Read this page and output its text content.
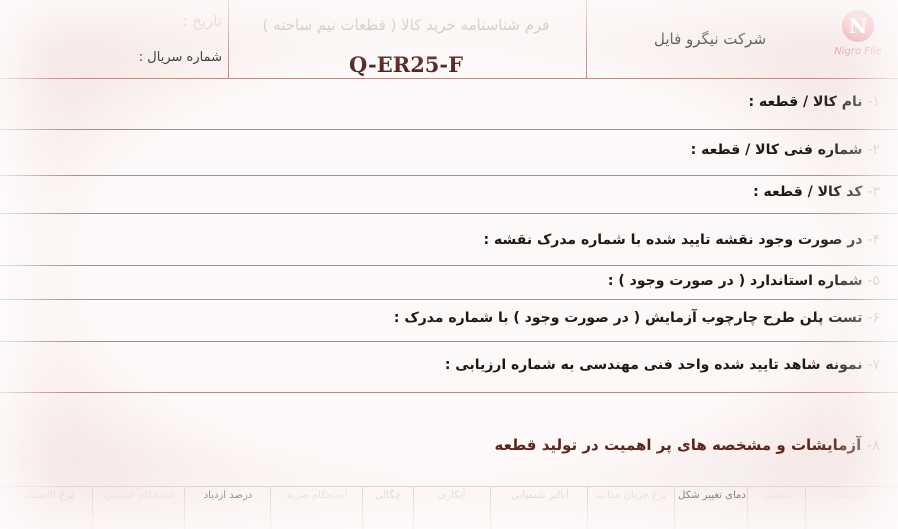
N
Nigro File
شرکت نیگرو فایل
فرم شناسنامه خرید کالا ( قطعات نیم ساخته )
Q-ER25-F
تاریخ :
شماره سریال :
۱- نام کالا / قطعه :
۲- شماره فنی کالا / قطعه :
۳- کد کالا / قطعه :
۴- در صورت وجود نقشه تایید شده با شماره مدرک نقشه :
۵- شماره استاندارد ( در صورت وجود ) :
۶- تست پلن طرح چارچوب آزمایش ( در صورت وجود ) با شماره مدرک :
۷- نمونه شاهد تایید شده واحد فنی مهندسی به شماره ارزیابی :
۸- آزمایشات و مشخصه های پر اهمیت در تولید قطعه
مقاومت
سختی
دمای تغییر شکل
نرخ جریان مذاب
آنالیز شیمیایی
آبکاری
چگالی
استحکام ضربه
درصد ازدیاد
استحکام کششی
نرخ الاستیک
